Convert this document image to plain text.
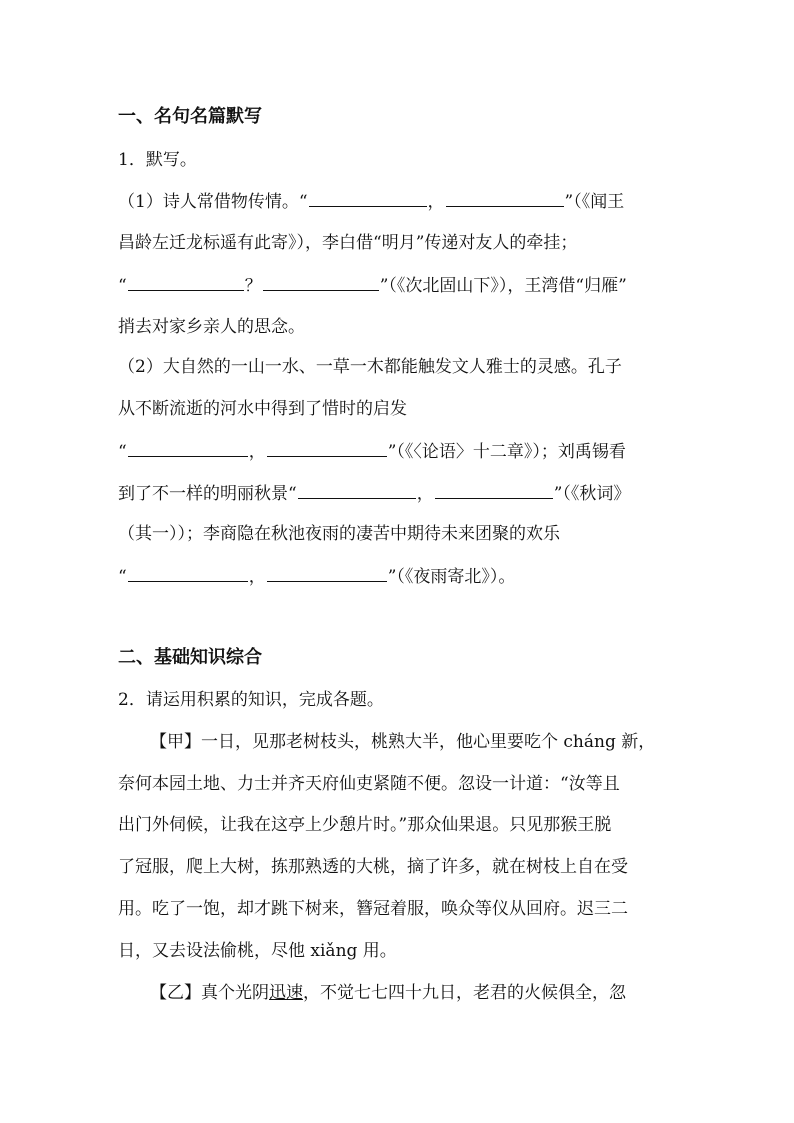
一、名句名篇默写
1．默写。
（1）诗人常借物传情。“	，	”（《闻王
昌龄左迁龙标遥有此寄》），李白借“明月”传递对友人的牵挂；
“	？	”（《次北固山下》），王湾借“归雁”
捎去对家乡亲人的思念。
（2）大自然的一山一水、一草一木都能触发文人雅士的灵感。孔子
从不断流逝的河水中得到了惜时的启发
“	，	”（《〈论语〉十二章》）；刘禹锡看
到了不一样的明丽秋景“	，	”（《秋词》
（其一））；李商隐在秋池夜雨的凄苦中期待未来团聚的欢乐
“	，	”（《夜雨寄北》）。
二、基础知识综合
2．请运用积累的知识，完成各题。
【甲】一日，见那老树枝头，桃熟大半，他心里要吃个 cháng 新，
奈何本园土地、力士并齐天府仙吏紧随不便。忽设一计道：“汝等且
出门外伺候，让我在这亭上少憩片时。”那众仙果退。只见那猴王脱
了冠服，爬上大树，拣那熟透的大桃，摘了许多，就在树枝上自在受
用。吃了一饱，却才跳下树来，簪冠着服，唤众等仪从回府。迟三二
日，又去设法偷桃，尽他 xiǎng 用。
【乙】真个光阴迅速，不觉七七四十九日，老君的火候俱全，忽
